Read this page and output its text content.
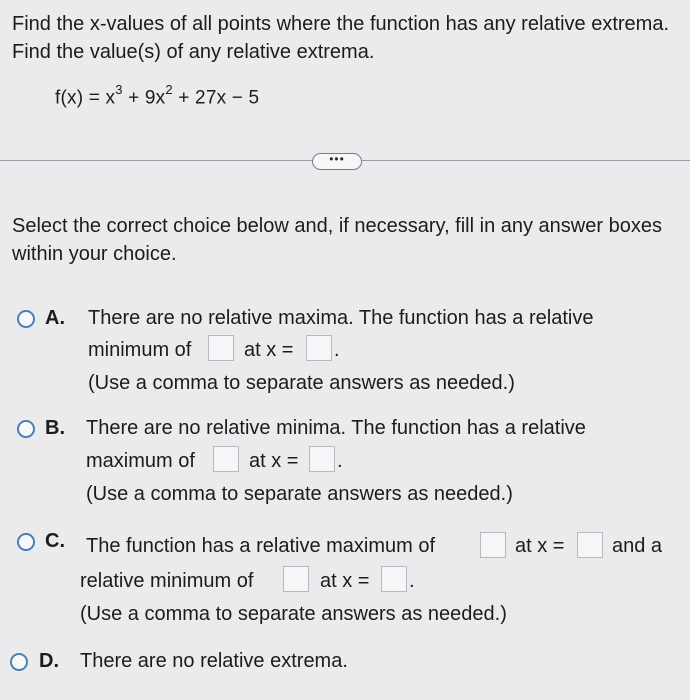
Find the x-values of all points where the function has any relative extrema. Find the value(s) of any relative extrema.
$f(x) = x^3 + 9x^2 + 27x - 5$
•••
Select the correct choice below and, if necessary, fill in any answer boxes within your choice.
A. There are no relative maxima. The function has a relative
minimum of	at x = .
(Use a comma to separate answers as needed.)
B. There are no relative minima. The function has a relative
maximum of	at x = .
(Use a comma to separate answers as needed.)
C. The function has a relative maximum of	at x = and a
relative minimum of	at x = .
(Use a comma to separate answers as needed.)
D. There are no relative extrema.
